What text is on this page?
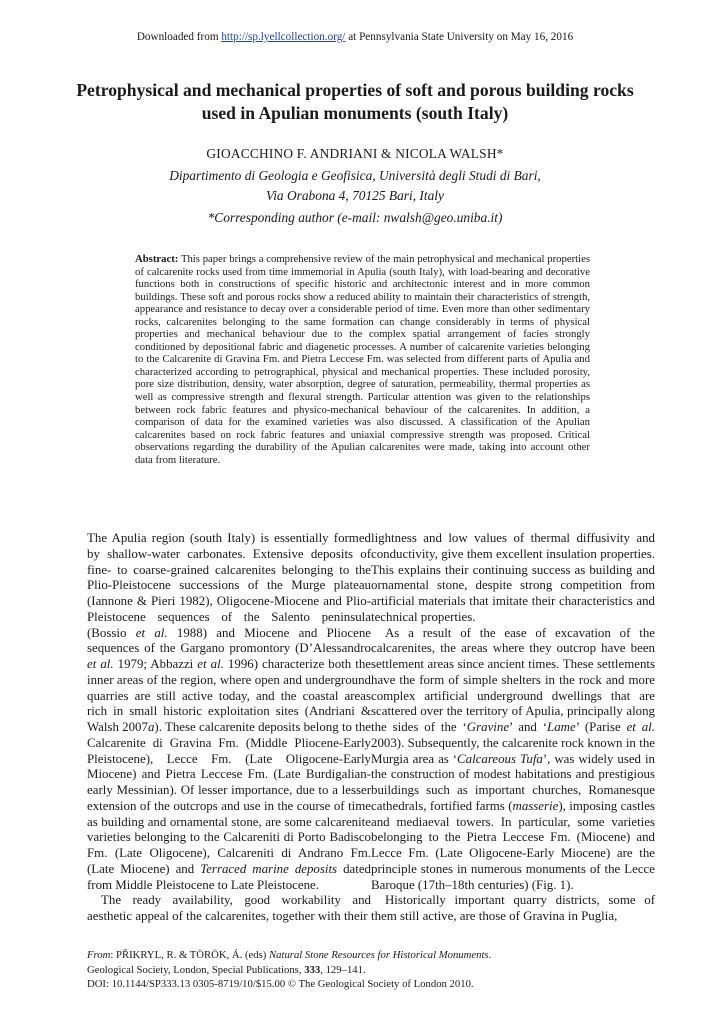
Downloaded from http://sp.lyellcollection.org/ at Pennsylvania State University on May 16, 2016
Petrophysical and mechanical properties of soft and porous building rocks used in Apulian monuments (south Italy)
GIOACCHINO F. ANDRIANI & NICOLA WALSH*
Dipartimento di Geologia e Geofisica, Università degli Studi di Bari,
Via Orabona 4, 70125 Bari, Italy
*Corresponding author (e-mail: nwalsh@geo.uniba.it)
Abstract: This paper brings a comprehensive review of the main petrophysical and mechanical properties of calcarenite rocks used from time immemorial in Apulia (south Italy), with load-bearing and decorative functions both in constructions of specific historic and architectonic interest and in more common buildings. These soft and porous rocks show a reduced ability to maintain their characteristics of strength, appearance and resistance to decay over a considerable period of time. Even more than other sedimentary rocks, calcarenites belonging to the same formation can change considerably in terms of physical properties and mechanical behaviour due to the complex spatial arrangement of facies strongly conditioned by depositional fabric and diagenetic processes. A number of calcarenite varieties belonging to the Calcarenite di Gravina Fm. and Pietra Leccese Fm. was selected from different parts of Apulia and characterized according to petrographical, physical and mechanical properties. These included porosity, pore size distribution, density, water absorption, degree of saturation, permeability, thermal properties as well as compressive strength and flexural strength. Particular attention was given to the relationships between rock fabric features and physico-mechanical behaviour of the calcarenites. In addition, a comparison of data for the examined varieties was also discussed. A classification of the Apulian calcarenites based on rock fabric features and uniaxial compressive strength was proposed. Critical observations regarding the durability of the Apulian calcarenites were made, taking into account other data from literature.

The Apulia region (south Italy) is essentially formed by shallow-water carbonates. Extensive deposits of fine- to coarse-grained calcarenites belonging to the Plio-Pleistocene successions of the Murge plateau (Iannone & Pieri 1982), Oligocene-Miocene and Plio-Pleistocene sequences of the Salento peninsula (Bossio et al. 1988) and Miocene and Pliocene sequences of the Gargano promontory (D’Alessandro et al. 1979; Abbazzi et al. 1996) characterize both the inner areas of the region, where open and underground quarries are still active today, and the coastal areas rich in small historic exploitation sites (Andriani & Walsh 2007a). These calcarenite deposits belong to the Calcarenite di Gravina Fm. (Middle Pliocene-Early Pleistocene), Lecce Fm. (Late Oligocene-Early Miocene) and Pietra Leccese Fm. (Late Burdigalian-early Messinian). Of lesser importance, due to a lesser extension of the outcrops and use in the course of time as building and ornamental stone, are some calcarenite varieties belonging to the Calcareniti di Porto Badisco Fm. (Late Oligocene), Calcareniti di Andrano Fm. (Late Miocene) and Terraced marine deposits dated from Middle Pleistocene to Late Pleistocene.

The ready availability, good workability and aesthetic appeal of the calcarenites, together with their

lightness and low values of thermal diffusivity and conductivity, give them excellent insulation properties. This explains their continuing success as building and ornamental stone, despite strong competition from artificial materials that imitate their characteristics and technical properties.

As a result of the ease of excavation of the calcarenites, the areas where they outcrop have been settlement areas since ancient times. These settlements have the form of simple shelters in the rock and more complex artificial underground dwellings that are scattered over the territory of Apulia, principally along the sides of the ‘Gravine’ and ‘Lame’ (Parise et al. 2003). Subsequently, the calcarenite rock known in the Murgia area as ‘Calcareous Tufa’, was widely used in the construction of modest habitations and prestigious buildings such as important churches, Romanesque cathedrals, fortified farms (masserie), imposing castles and mediaeval towers. In particular, some varieties belonging to the Pietra Leccese Fm. (Miocene) and Lecce Fm. (Late Oligocene-Early Miocene) are the principle stones in numerous monuments of the Lecce Baroque (17th–18th centuries) (Fig. 1).

Historically important quarry districts, some of them still active, are those of Gravina in Puglia,

From: PŘIKRYL, R. & TÖRÖK, Á. (eds) Natural Stone Resources for Historical Monuments.
Geological Society, London, Special Publications, 333, 129–141.
DOI: 10.1144/SP333.13 0305-8719/10/$15.00 © The Geological Society of London 2010.
